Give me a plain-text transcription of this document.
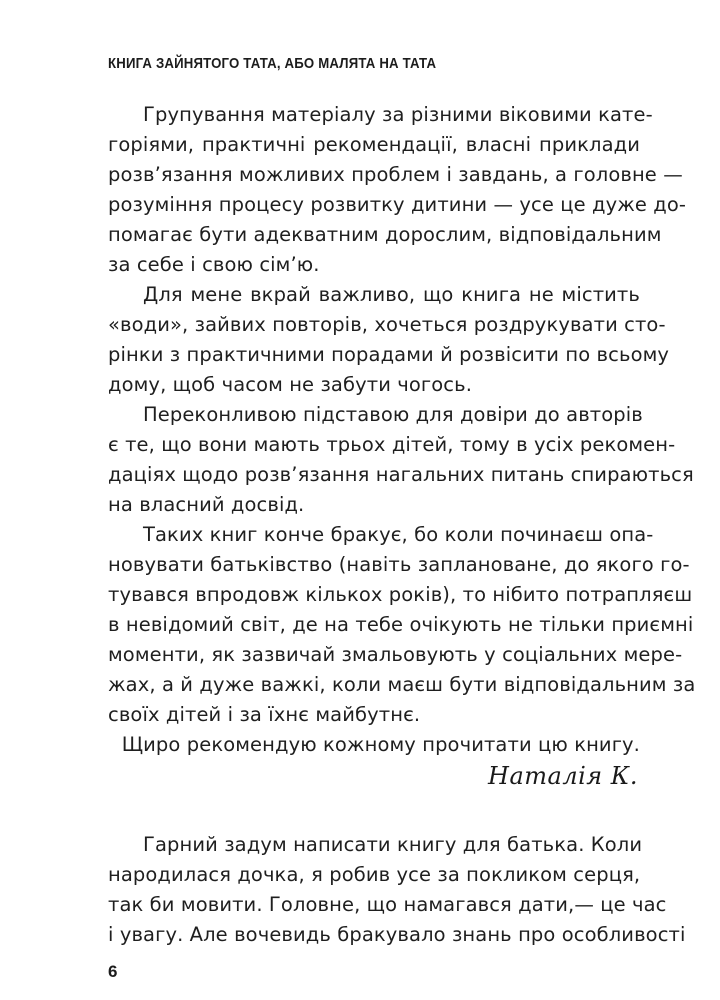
КНИГА ЗАЙНЯТОГО ТАТА, АБО МАЛЯТА НА ТАТА
Групування матеріалу за різними віковими кате-
горіями, практичні рекомендації, власні приклади
розв’язання можливих проблем і завдань, а головне —
розуміння процесу розвитку дитини — усе це дуже до-
помагає бути адекватним дорослим, відповідальним
за себе і свою сім’ю.
Для мене вкрай важливо, що книга не містить
«води», зайвих повторів, хочеться роздрукувати сто-
рінки з практичними порадами й розвісити по всьому
дому, щоб часом не забути чогось.
Переконливою підставою для довіри до авторів
є те, що вони мають трьох дітей, тому в усіх рекомен-
даціях щодо розв’язання нагальних питань спираються
на власний досвід.
Таких книг конче бракує, бо коли починаєш опа-
новувати батьківство (навіть заплановане, до якого го-
тувався впродовж кількох років), то нібито потрапляєш
в невідомий світ, де на тебе очікують не тільки приємні
моменти, як зазвичай змальовують у соціальних мере-
жах, а й дуже важкі, коли маєш бути відповідальним за
своїх дітей і за їхнє майбутнє.
Щиро рекомендую кожному прочитати цю книгу.
Наталія К.
Гарний задум написати книгу для батька. Коли
народилася дочка, я робив усе за покликом серця,
так би мовити. Головне, що намагався дати,— це час
і увагу. Але вочевидь бракувало знань про особливості
6
